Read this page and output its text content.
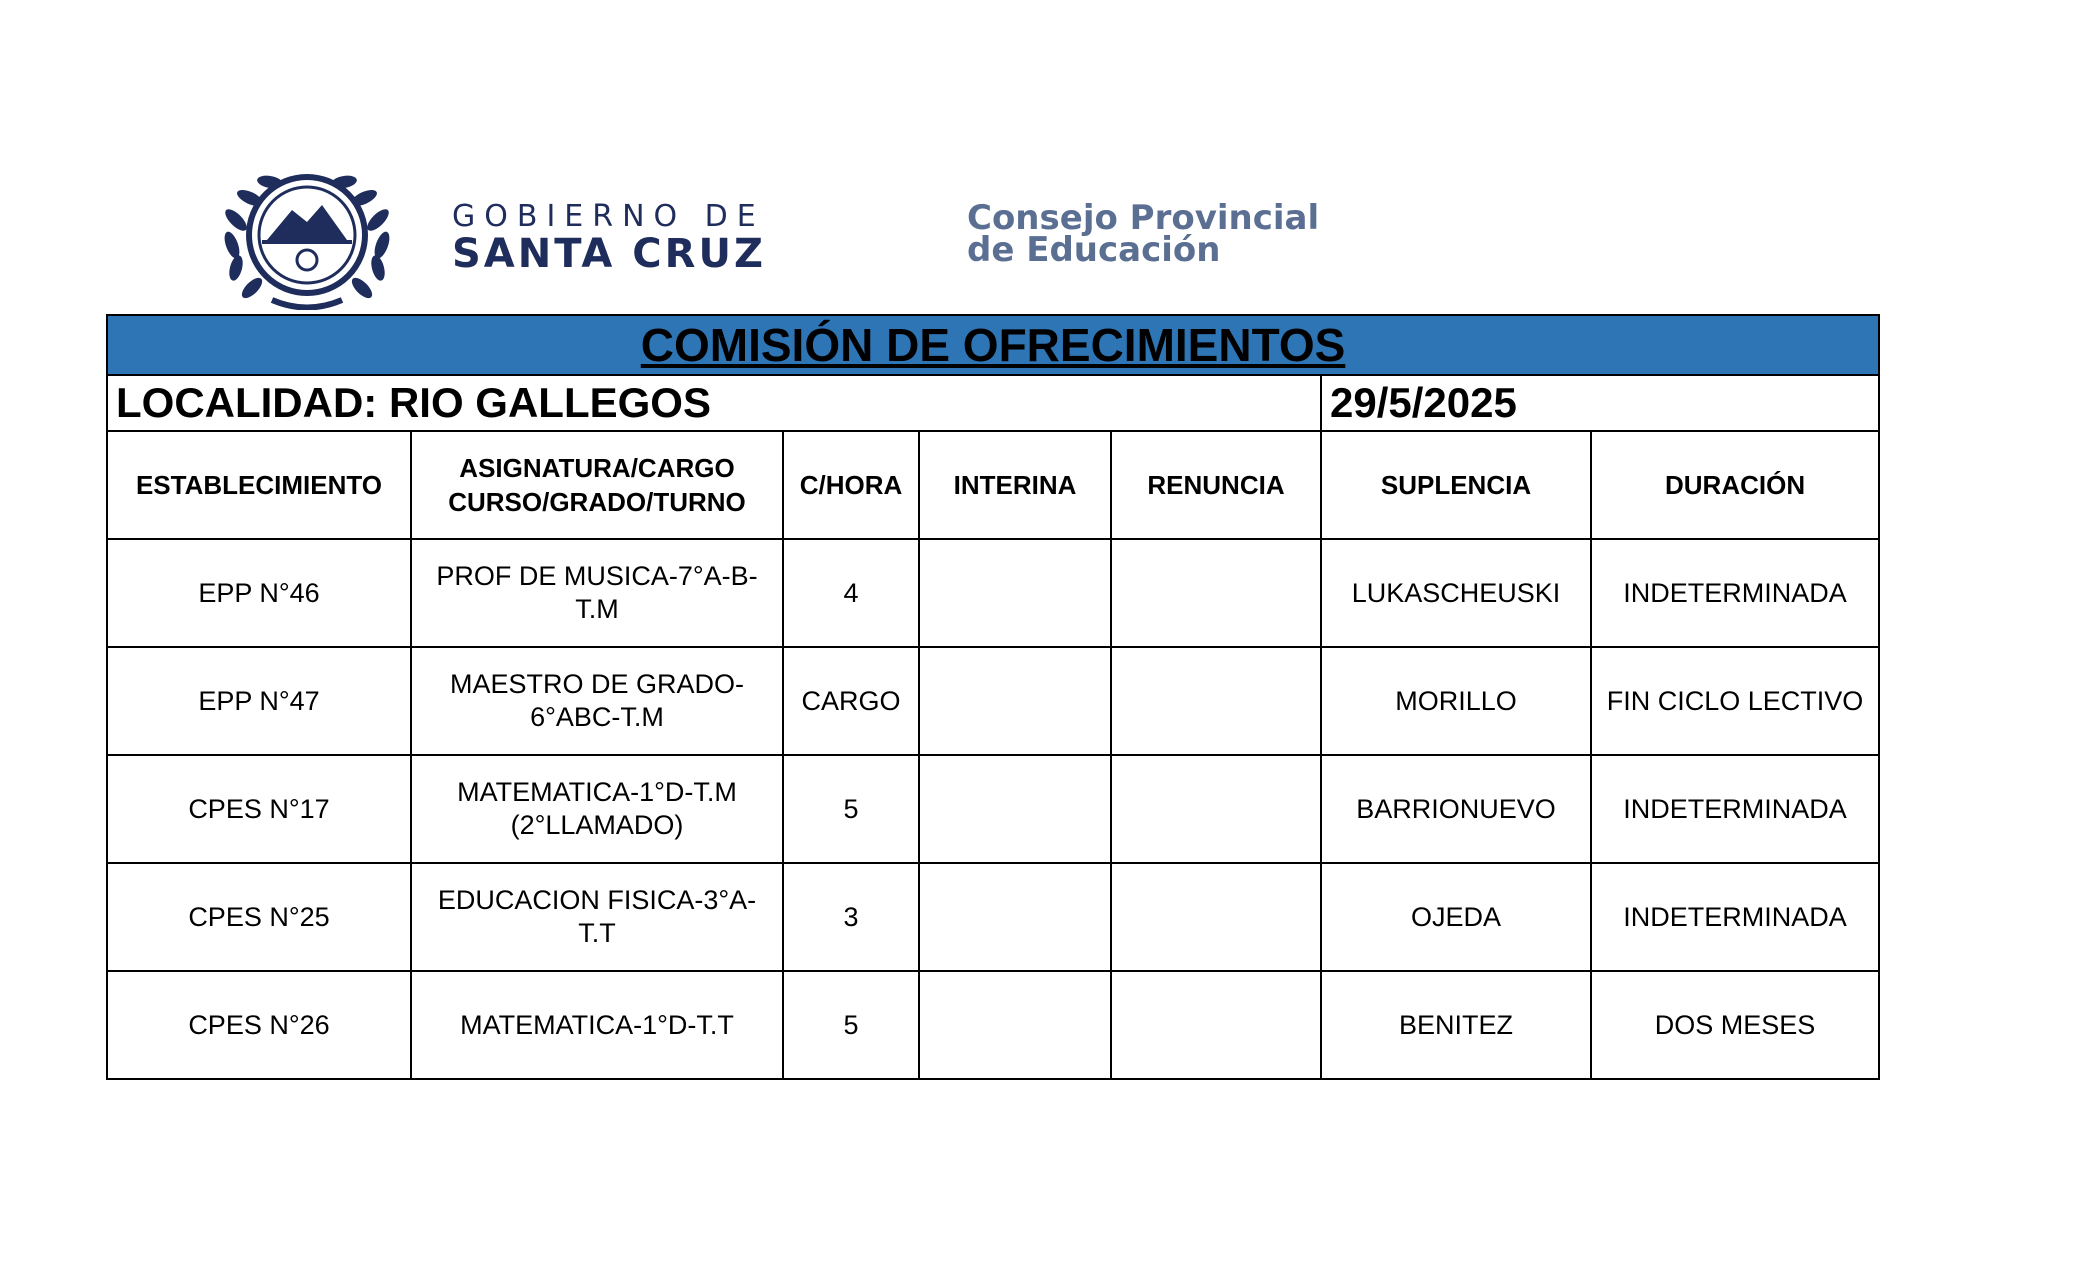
GOBIERNO DE
SANTA CRUZ
Consejo Provincial
de Educación
COMISIÓN DE OFRECIMIENTOS						
LOCALIDAD: RIO GALLEGOS					29/5/2025	
ESTABLECIMIENTO	ASIGNATURA/CARGO CURSO/GRADO/TURNO	C/HORA	INTERINA	RENUNCIA	SUPLENCIA	DURACIÓN
EPP N°46	PROF DE MUSICA-7°A-B-T.M	4			LUKASCHEUSKI	INDETERMINADA
EPP N°47	MAESTRO DE GRADO-6°ABC-T.M	CARGO			MORILLO	FIN CICLO LECTIVO
CPES N°17	MATEMATICA-1°D-T.M (2°LLAMADO)	5			BARRIONUEVO	INDETERMINADA
CPES N°25	EDUCACION FISICA-3°A-T.T	3			OJEDA	INDETERMINADA
CPES N°26	MATEMATICA-1°D-T.T	5			BENITEZ	DOS MESES
